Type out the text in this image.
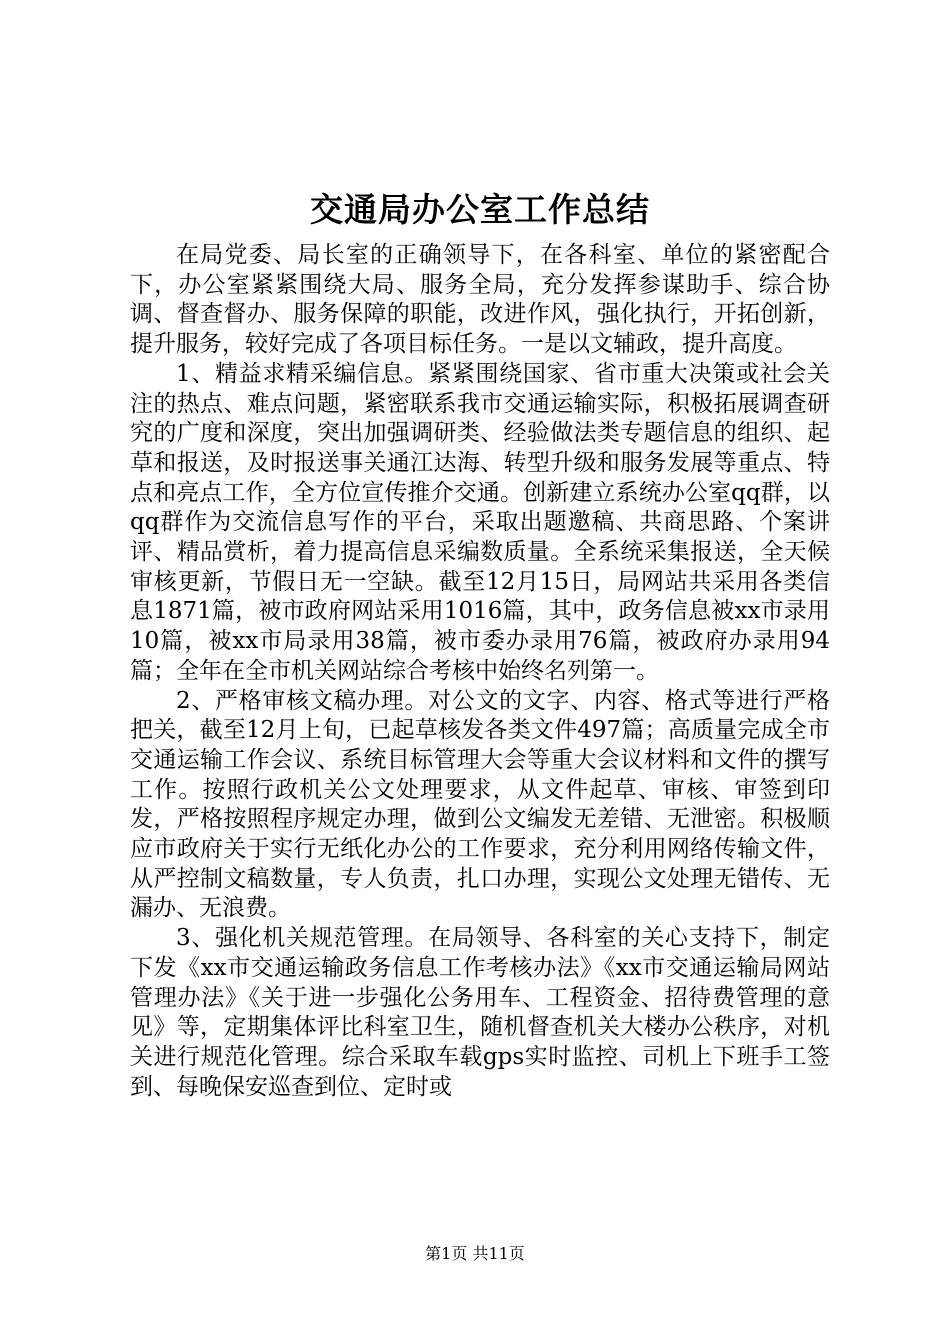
交通局办公室工作总结

在局党委、局长室的正确领导下，在各科室、单位的紧密配合下，办公室紧紧围绕大局、服务全局，充分发挥参谋助手、综合协调、督查督办、服务保障的职能，改进作风，强化执行，开拓创新，提升服务，较好完成了各项目标任务。一是以文辅政，提升高度。

1、精益求精采编信息。紧紧围绕国家、省市重大决策或社会关注的热点、难点问题，紧密联系我市交通运输实际，积极拓展调查研究的广度和深度，突出加强调研类、经验做法类专题信息的组织、起草和报送，及时报送事关通江达海、转型升级和服务发展等重点、特点和亮点工作，全方位宣传推介交通。创新建立系统办公室qq群，以qq群作为交流信息写作的平台，采取出题邀稿、共商思路、个案讲评、精品赏析，着力提高信息采编数质量。全系统采集报送，全天候审核更新，节假日无一空缺。截至12月15日，局网站共采用各类信息1871篇，被市政府网站采用1016篇，其中，政务信息被xx市录用10篇，被xx市局录用38篇，被市委办录用76篇，被政府办录用94篇；全年在全市机关网站综合考核中始终名列第一。

2、严格审核文稿办理。对公文的文字、内容、格式等进行严格把关，截至12月上旬，已起草核发各类文件497篇；高质量完成全市交通运输工作会议、系统目标管理大会等重大会议材料和文件的撰写工作。按照行政机关公文处理要求，从文件起草、审核、审签到印发，严格按照程序规定办理，做到公文编发无差错、无泄密。积极顺应市政府关于实行无纸化办公的工作要求，充分利用网络传输文件，从严控制文稿数量，专人负责，扎口办理，实现公文处理无错传、无漏办、无浪费。

3、强化机关规范管理。在局领导、各科室的关心支持下，制定下发《xx市交通运输政务信息工作考核办法》《xx市交通运输局网站管理办法》《关于进一步强化公务用车、工程资金、招待费管理的意见》等，定期集体评比科室卫生，随机督查机关大楼办公秩序，对机关进行规范化管理。综合采取车载gps实时监控、司机上下班手工签到、每晚保安巡查到位、定时或

第1页 共11页
